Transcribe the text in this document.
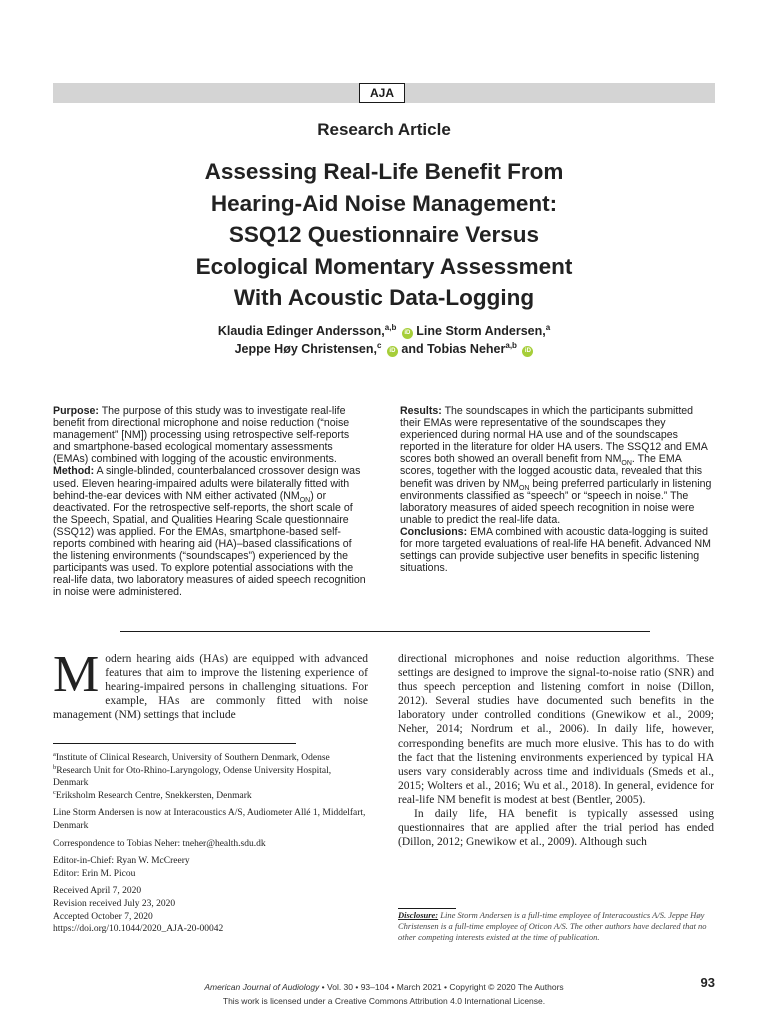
AJA
Research Article
Assessing Real-Life Benefit From
Hearing-Aid Noise Management:
SSQ12 Questionnaire Versus
Ecological Momentary Assessment
With Acoustic Data-Logging
Klaudia Edinger Andersson,$^{a,b}$ iD Line Storm Andersen,$^a$
Jeppe Høy Christensen,$^c$ iD and Tobias Neher$^{a,b}$ iD

Purpose: The purpose of this study was to investigate real-life benefit from directional microphone and noise reduction (“noise management” [NM]) processing using retrospective self-reports and smartphone-based ecological momentary assessments (EMAs) combined with logging of the acoustic environments.

Method: A single-blinded, counterbalanced crossover design was used. Eleven hearing-impaired adults were bilaterally fitted with behind-the-ear devices with NM either activated $(NM_{ON})$ or deactivated. For the retrospective self-reports, the short scale of the Speech, Spatial, and Qualities Hearing Scale questionnaire (SSQ12) was applied. For the EMAs, smartphone-based self-reports combined with hearing aid (HA)–based classifications of the listening environments (“soundscapes”) experienced by the participants was used. To explore potential associations with the real-life data, two laboratory measures of aided speech recognition in noise were administered.

Results: The soundscapes in which the participants submitted their EMAs were representative of the soundscapes they experienced during normal HA use and of the soundscapes reported in the literature for older HA users. The SSQ12 and EMA scores both showed an overall benefit from $NM_{ON}$. The EMA scores, together with the logged acoustic data, revealed that this benefit was driven by $NM_{ON}$ being preferred particularly in listening environments classified as “speech” or “speech in noise.” The laboratory measures of aided speech recognition in noise were unable to predict the real-life data.

Conclusions: EMA combined with acoustic data-logging is suited for more targeted evaluations of real-life HA benefit. Advanced NM settings can provide subjective user benefits in specific listening situations.

Modern hearing aids (HAs) are equipped with advanced features that aim to improve the listening experience of hearing-impaired persons in challenging situations. For example, HAs are commonly fitted with noise management (NM) settings that include

$^a$Institute of Clinical Research, University of Southern Denmark, Odense

$^b$Research Unit for Oto-Rhino-Laryngology, Odense University Hospital, Denmark

$^c$Eriksholm Research Centre, Snekkersten, Denmark

Line Storm Andersen is now at Interacoustics A/S, Audiometer Allé 1, Middelfart, Denmark

Correspondence to Tobias Neher: tneher@health.sdu.dk

Editor-in-Chief: Ryan W. McCreery

Editor: Erin M. Picou

Received April 7, 2020

Revision received July 23, 2020

Accepted October 7, 2020

https://doi.org/10.1044/2020_AJA-20-00042

directional microphones and noise reduction algorithms. These settings are designed to improve the signal-to-noise ratio (SNR) and thus speech perception and listening comfort in noise (Dillon, 2012). Several studies have documented such benefits in the laboratory under controlled conditions (Gnewikow et al., 2009; Neher, 2014; Nordrum et al., 2006). In daily life, however, corresponding benefits are much more elusive. This has to do with the fact that the listening environments experienced by typical HA users vary considerably across time and individuals (Smeds et al., 2015; Wolters et al., 2016; Wu et al., 2018). In general, evidence for real-life NM benefit is modest at best (Bentler, 2005).

In daily life, HA benefit is typically assessed using questionnaires that are applied after the trial period has ended (Dillon, 2012; Gnewikow et al., 2009). Although such

Disclosure: Line Storm Andersen is a full-time employee of Interacoustics A/S. Jeppe Høy Christensen is a full-time employee of Oticon A/S. The other authors have declared that no other competing interests existed at the time of publication.
American Journal of Audiology • Vol. 30 • 93–104 • March 2021 • Copyright © 2020 The Authors
This work is licensed under a Creative Commons Attribution 4.0 International License.
93
